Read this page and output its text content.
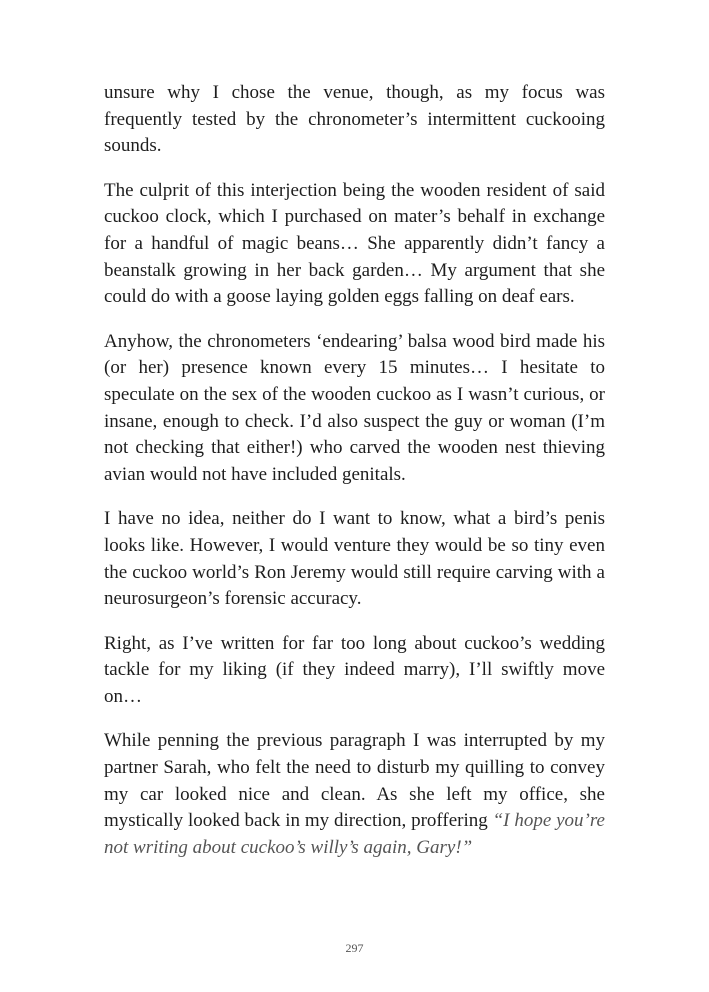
unsure why I chose the venue, though, as my focus was frequently tested by the chronometer’s intermittent cuckooing sounds.

The culprit of this interjection being the wooden resident of said cuckoo clock, which I purchased on mater’s behalf in exchange for a handful of magic beans… She apparently didn’t fancy a beanstalk growing in her back garden… My argument that she could do with a goose laying golden eggs falling on deaf ears.

Anyhow, the chronometers ‘endearing’ balsa wood bird made his (or her) presence known every 15 minutes… I hesitate to speculate on the sex of the wooden cuckoo as I wasn’t curious, or insane, enough to check. I’d also suspect the guy or woman (I’m not checking that either!) who carved the wooden nest thieving avian would not have included genitals.

I have no idea, neither do I want to know, what a bird’s penis looks like. However, I would venture they would be so tiny even the cuckoo world’s Ron Jeremy would still require carving with a neurosurgeon’s forensic accuracy.

Right, as I’ve written for far too long about cuckoo’s wedding tackle for my liking (if they indeed marry), I’ll swiftly move on…

While penning the previous paragraph I was interrupted by my partner Sarah, who felt the need to disturb my quilling to convey my car looked nice and clean. As she left my office, she mystically looked back in my direction, proffering “I hope you’re not writing about cuckoo’s willy’s again, Gary!”

297
